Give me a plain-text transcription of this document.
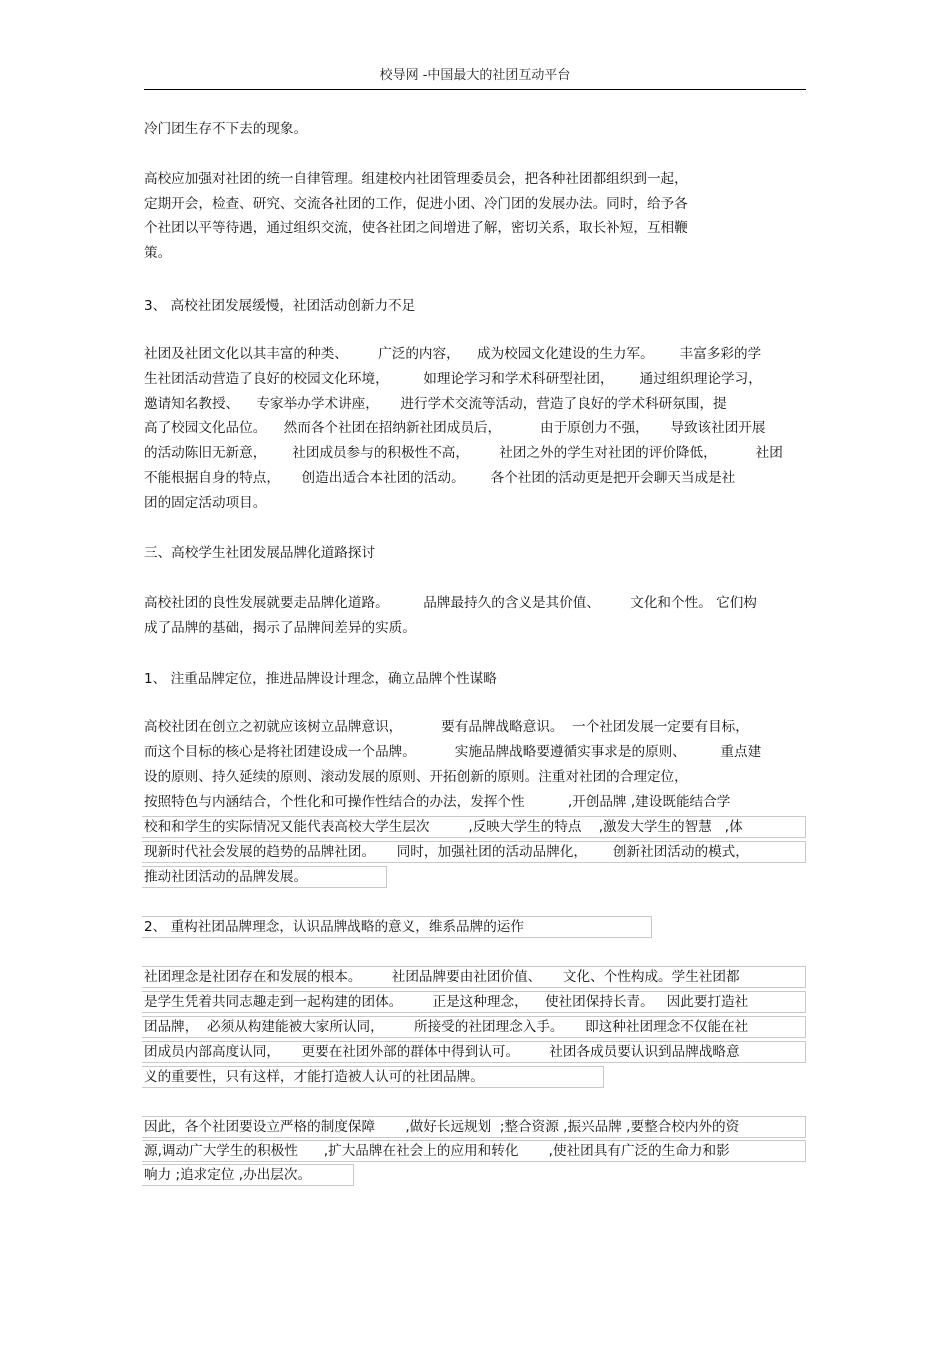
校导网 -中国最大的社团互动平台
冷门团生存不下去的现象。
高校应加强对社团的统一自律管理。组建校内社团管理委员会，把各种社团都组织到一起，
定期开会，检查、研究、交流各社团的工作，促进小团、冷门团的发展办法。同时，给予各
个社团以平等待遇，通过组织交流，使各社团之间增进了解，密切关系，取长补短，互相鞭
策。
3、 高校社团发展缓慢，社团活动创新力不足
社团及社团文化以其丰富的种类、       广泛的内容，    成为校园文化建设的生力军。      丰富多彩的学
生社团活动营造了良好的校园文化环境，        如理论学习和学术科研型社团，      通过组织理论学习，
邀请知名教授、    专家举办学术讲座，     进行学术交流等活动，营造了良好的学术科研氛围，提
高了校园文化品位。    然而各个社团在招纳新社团成员后，         由于原创力不强，     导致该社团开展
的活动陈旧无新意，      社团成员参与的积极性不高，       社团之外的学生对社团的评价降低，         社团
不能根据自身的特点，     创造出适合本社团的活动。      各个社团的活动更是把开会聊天当成是社
团的固定活动项目。
三、高校学生社团发展品牌化道路探讨
高校社团的良性发展就要走品牌化道路。        品牌最持久的含义是其价值、       文化和个性。 它们构
成了品牌的基础，揭示了品牌间差异的实质。
1、 注重品牌定位，推进品牌设计理念，确立品牌个性谋略
高校社团在创立之初就应该树立品牌意识，         要有品牌战略意识。  一个社团发展一定要有目标，
而这个目标的核心是将社团建设成一个品牌。         实施品牌战略要遵循实事求是的原则、        重点建
设的原则、持久延续的原则、滚动发展的原则、开拓创新的原则。注重对社团的合理定位，
按照特色与内涵结合，个性化和可操作性结合的办法，发挥个性          ,开创品牌 ,建设既能结合学
校和和学生的实际情况又能代表高校大学生层次         ,反映大学生的特点    ,激发大学生的智慧   ,体
现新时代社会发展的趋势的品牌社团。     同时，加强社团的活动品牌化，      创新社团活动的模式，
推动社团活动的品牌发展。
2、 重构社团品牌理念，认识品牌战略的意义，维系品牌的运作
社团理念是社团存在和发展的根本。       社团品牌要由社团价值、     文化、个性构成。学生社团都
是学生凭着共同志趣走到一起构建的团体。       正是这种理念，    使社团保持长青。   因此要打造社
团品牌，  必须从构建能被大家所认同，       所接受的社团理念入手。     即这种社团理念不仅能在社
团成员内部高度认同，     更要在社团外部的群体中得到认可。       社团各成员要认识到品牌战略意
义的重要性，只有这样，才能打造被人认可的社团品牌。
因此，各个社团要设立严格的制度保障       ,做好长远规划  ;整合资源 ,振兴品牌 ,要整合校内外的资
源,调动广大学生的积极性      ,扩大品牌在社会上的应用和转化       ,使社团具有广泛的生命力和影
响力 ;追求定位 ,办出层次。
